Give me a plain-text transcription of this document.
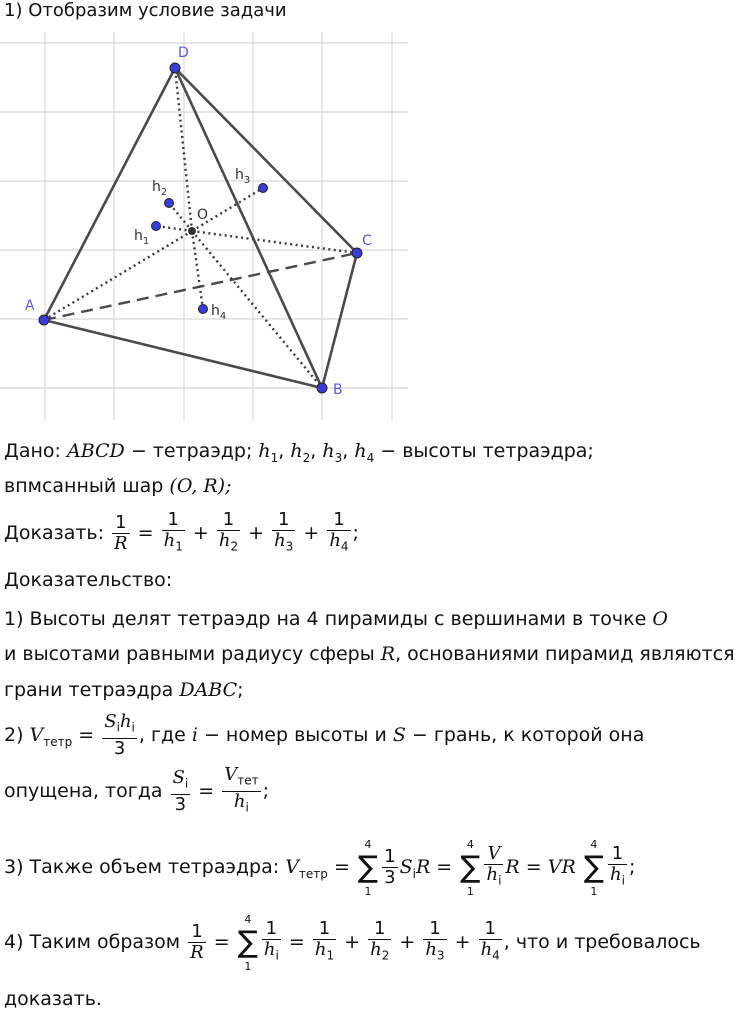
1) Отобразим условие задачи
A
B
C
D
O
$h_1$
$h_2$
$h_3$
$h_4$
Дано: ABCD − тетраэдр; $h_1$, $h_2$, $h_3$, $h_4$ − высоты тетраэдра;
впмсанный шар (O, R);
Доказать: $\frac{1}{R} = \frac{1}{h_1} + \frac{1}{h_2} + \frac{1}{h_3} + \frac{1}{h_4}$ ;
Доказательство:
1) Высоты делят тетраэдр на 4 пирамиды с вершинами в точке O
и высотами равными радиусу сферы R, основаниями пирамид являются
грани тетраэдра DABC;
2) $V_{тетр} = \frac{S_ih_i}{3}$ , где i − номер высоты и S − грань, к которой она
опущена, тогда $\frac{S_i}{3} = \frac{V_{тет}}{h_i}$ ;
3) Также объем тетраэдра: $V_{тетр}$ =
4
∑
1
$\frac{1}{3} S_iR$ =
4
∑
1
$\frac{V}{h_i}$ R = VR
4
∑
1
$\frac{1}{h_i}$ ;
4) Таким образом $\frac{1}{R}$ =
4
∑
1
$\frac{1}{h_i} = \frac{1}{h_1} + \frac{1}{h_2} + \frac{1}{h_3} + \frac{1}{h_4}$ , что и требовалось
доказать.
